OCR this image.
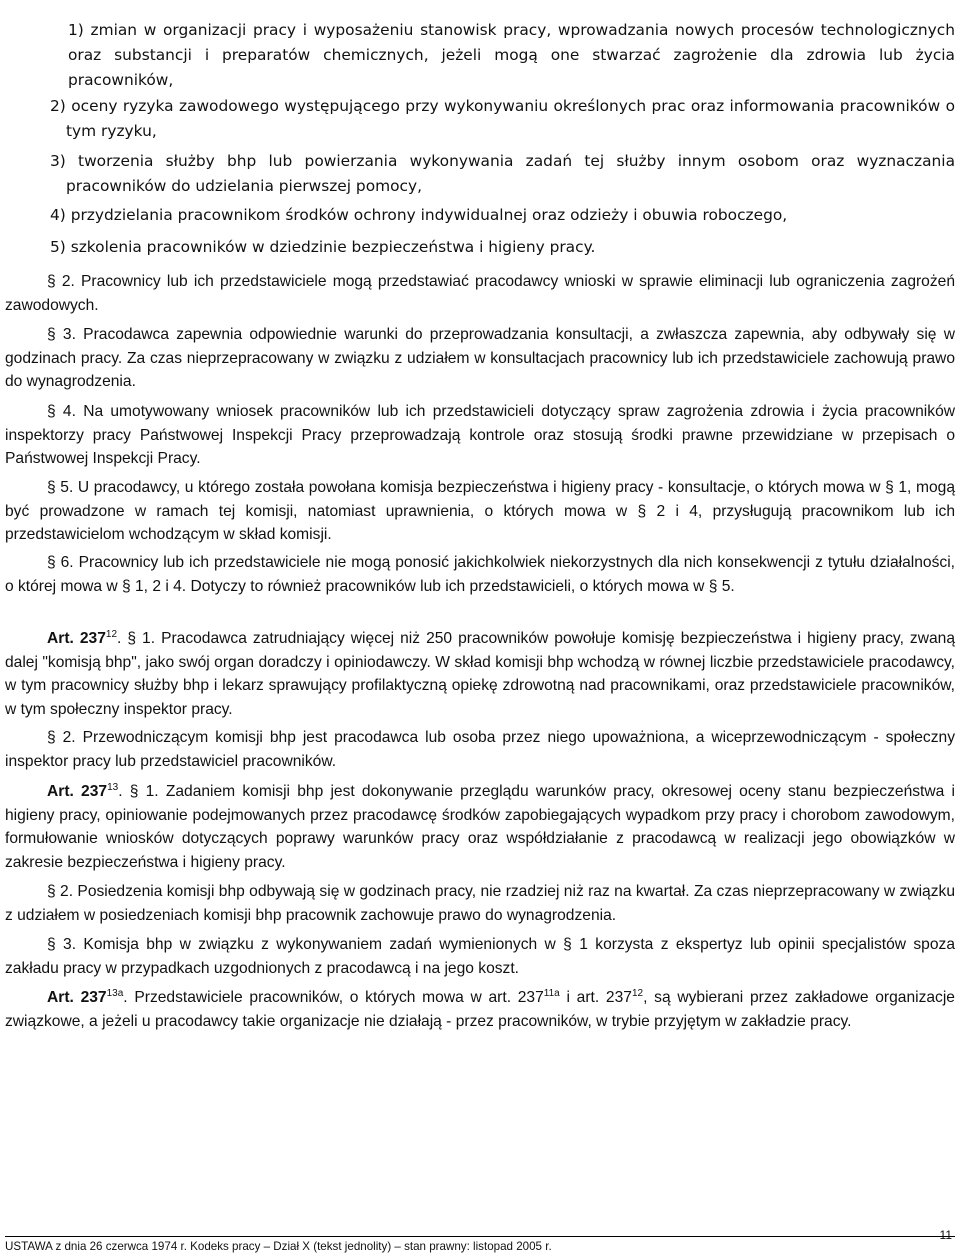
1) zmian w organizacji pracy i wyposażeniu stanowisk pracy, wprowadzania nowych procesów technologicznych oraz substancji i preparatów chemicznych, jeżeli mogą one stwarzać zagrożenie dla zdrowia lub życia pracowników,
2) oceny ryzyka zawodowego występującego przy wykonywaniu określonych prac oraz informowania pracowników o tym ryzyku,
3) tworzenia służby bhp lub powierzania wykonywania zadań tej służby innym osobom oraz wyznaczania pracowników do udzielania pierwszej pomocy,
4) przydzielania pracownikom środków ochrony indywidualnej oraz odzieży i obuwia roboczego,
5) szkolenia pracowników w dziedzinie bezpieczeństwa i higieny pracy.
§ 2. Pracownicy lub ich przedstawiciele mogą przedstawiać pracodawcy wnioski w sprawie eliminacji lub ograniczenia zagrożeń zawodowych.
§ 3. Pracodawca zapewnia odpowiednie warunki do przeprowadzania konsultacji, a zwłaszcza zapewnia, aby odbywały się w godzinach pracy. Za czas nieprzepracowany w związku z udziałem w konsultacjach pracownicy lub ich przedstawiciele zachowują prawo do wynagrodzenia.
§ 4. Na umotywowany wniosek pracowników lub ich przedstawicieli dotyczący spraw zagrożenia zdrowia i życia pracowników inspektorzy pracy Państwowej Inspekcji Pracy przeprowadzają kontrole oraz stosują środki prawne przewidziane w przepisach o Państwowej Inspekcji Pracy.
§ 5. U pracodawcy, u którego została powołana komisja bezpieczeństwa i higieny pracy - konsultacje, o których mowa w § 1, mogą być prowadzone w ramach tej komisji, natomiast uprawnienia, o których mowa w § 2 i 4, przysługują pracownikom lub ich przedstawicielom wchodzącym w skład komisji.
§ 6. Pracownicy lub ich przedstawiciele nie mogą ponosić jakichkolwiek niekorzystnych dla nich konsekwencji z tytułu działalności, o której mowa w § 1, 2 i 4. Dotyczy to również pracowników lub ich przedstawicieli, o których mowa w § 5.
Art. $237^{12}$. § 1. Pracodawca zatrudniający więcej niż 250 pracowników powołuje komisję bezpieczeństwa i higieny pracy, zwaną dalej "komisją bhp", jako swój organ doradczy i opiniodawczy. W skład komisji bhp wchodzą w równej liczbie przedstawiciele pracodawcy, w tym pracownicy służby bhp i lekarz sprawujący profilaktyczną opiekę zdrowotną nad pracownikami, oraz przedstawiciele pracowników, w tym społeczny inspektor pracy.
§ 2. Przewodniczącym komisji bhp jest pracodawca lub osoba przez niego upoważniona, a wiceprzewodniczącym - społeczny inspektor pracy lub przedstawiciel pracowników.
Art. $237^{13}$. § 1. Zadaniem komisji bhp jest dokonywanie przeglądu warunków pracy, okresowej oceny stanu bezpieczeństwa i higieny pracy, opiniowanie podejmowanych przez pracodawcę środków zapobiegających wypadkom przy pracy i chorobom zawodowym, formułowanie wniosków dotyczących poprawy warunków pracy oraz współdziałanie z pracodawcą w realizacji jego obowiązków w zakresie bezpieczeństwa i higieny pracy.
§ 2. Posiedzenia komisji bhp odbywają się w godzinach pracy, nie rzadziej niż raz na kwartał. Za czas nieprzepracowany w związku z udziałem w posiedzeniach komisji bhp pracownik zachowuje prawo do wynagrodzenia.
§ 3. Komisja bhp w związku z wykonywaniem zadań wymienionych w § 1 korzysta z ekspertyz lub opinii specjalistów spoza zakładu pracy w przypadkach uzgodnionych z pracodawcą i na jego koszt.
Art. $237^{13a}$. Przedstawiciele pracowników, o których mowa w art. $237^{11a}$ i art. $237^{12}$, są wybierani przez zakładowe organizacje związkowe, a jeżeli u pracodawcy takie organizacje nie działają - przez pracowników, w trybie przyjętym w zakładzie pracy.
11
USTAWA z dnia 26 czerwca 1974 r. Kodeks pracy – Dział X (tekst jednolity) – stan prawny: listopad 2005 r.
